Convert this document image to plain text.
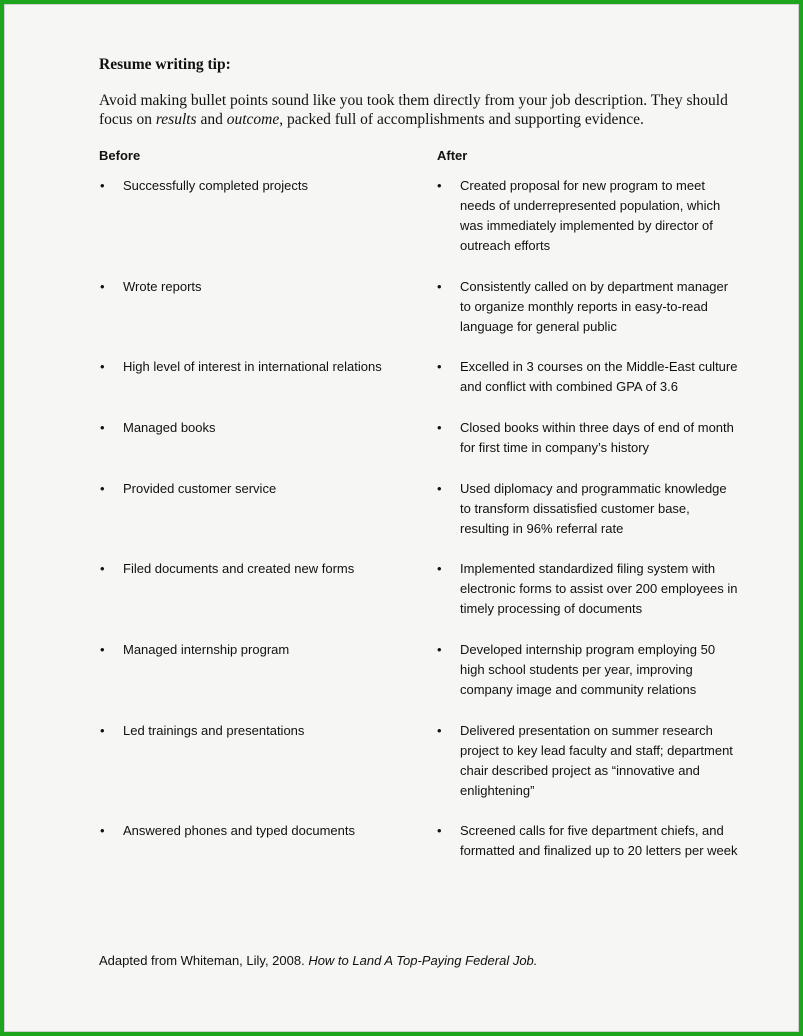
Resume writing tip:
Avoid making bullet points sound like you took them directly from your job description. They should focus on results and outcome, packed full of accomplishments and supporting evidence.
Before	After
• Successfully completed projects	• Created proposal for new program to meet needs of underrepresented population, which was immediately implemented by director of outreach efforts
• Wrote reports	• Consistently called on by department manager to organize monthly reports in easy-to-read language for general public
• High level of interest in international relations	• Excelled in 3 courses on the Middle-East culture and conflict with combined GPA of 3.6
• Managed books	• Closed books within three days of end of month for first time in company’s history
• Provided customer service	• Used diplomacy and programmatic knowledge to transform dissatisfied customer base, resulting in 96% referral rate
• Filed documents and created new forms	• Implemented standardized filing system with electronic forms to assist over 200 employees in timely processing of documents
• Managed internship program	• Developed internship program employing 50 high school students per year, improving company image and community relations
• Led trainings and presentations	• Delivered presentation on summer research project to key lead faculty and staff; department chair described project as “innovative and enlightening”
• Answered phones and typed documents	• Screened calls for five department chiefs, and formatted and finalized up to 20 letters per week
Adapted from Whiteman, Lily, 2008. How to Land A Top-Paying Federal Job.
